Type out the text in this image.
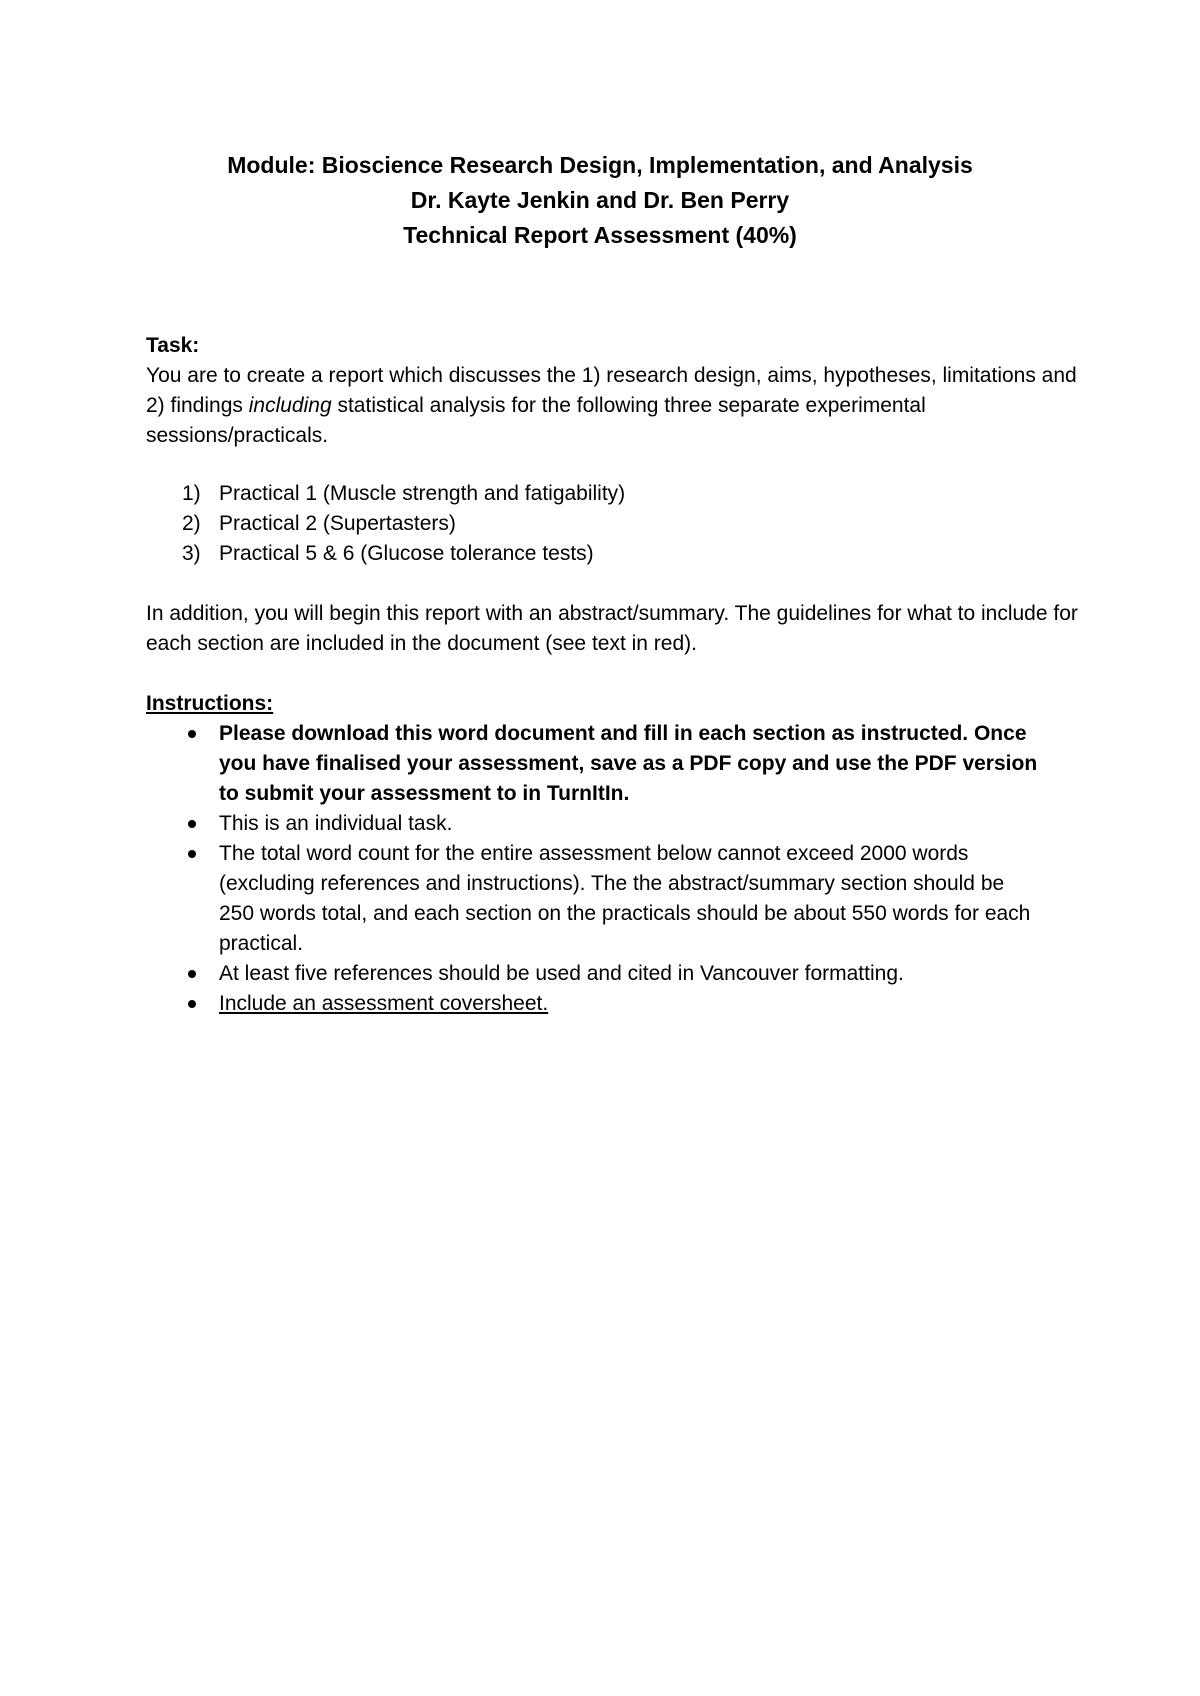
Module: Bioscience Research Design, Implementation, and Analysis
Dr. Kayte Jenkin and Dr. Ben Perry
Technical Report Assessment (40%)
Task:

You are to create a report which discusses the 1) research design, aims, hypotheses, limitations and 2) findings including statistical analysis for the following three separate experimental sessions/practicals.

1) Practical 1 (Muscle strength and fatigability)
2) Practical 2 (Supertasters)
3) Practical 5 & 6 (Glucose tolerance tests)

In addition, you will begin this report with an abstract/summary. The guidelines for what to include for each section are included in the document (see text in red).

Instructions:
Please download this word document and fill in each section as instructed. Once you have finalised your assessment, save as a PDF copy and use the PDF version to submit your assessment to in TurnItIn.
This is an individual task.
The total word count for the entire assessment below cannot exceed 2000 words (excluding references and instructions). The the abstract/summary section should be 250 words total, and each section on the practicals should be about 550 words for each practical.
At least five references should be used and cited in Vancouver formatting.
Include an assessment coversheet.
